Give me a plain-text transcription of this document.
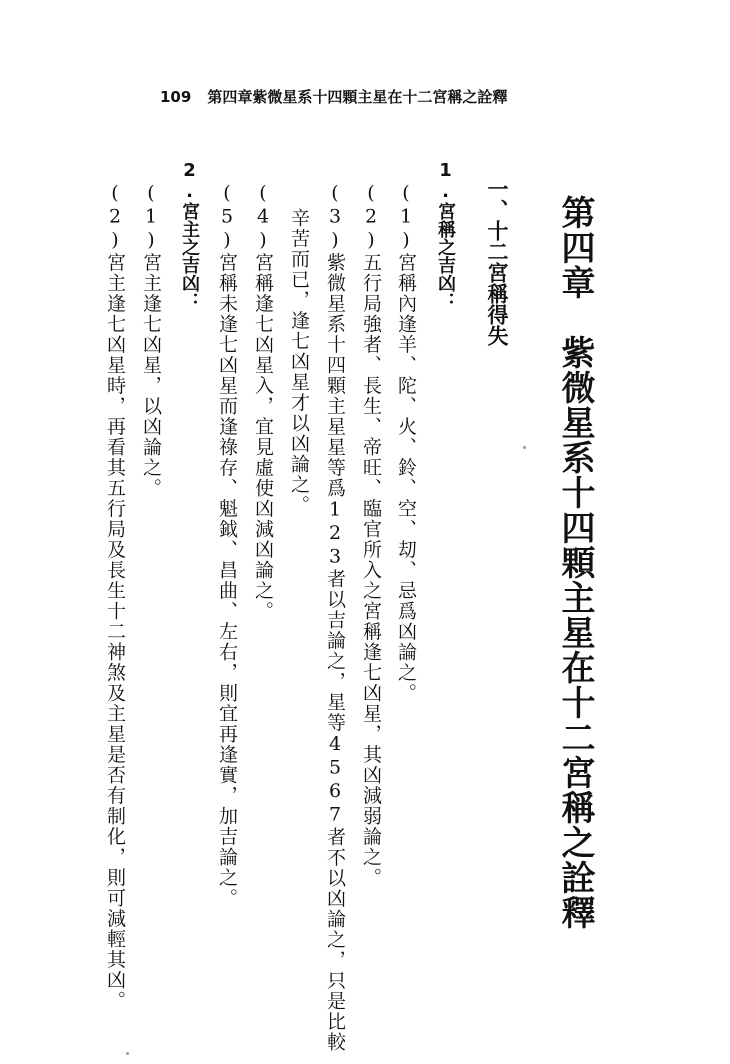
109 第四章紫微星系十四顆主星在十二宮稱之詮釋
第四章　紫微星系十四顆主星在十二宮稱之詮釋
一、十二宮稱得失
1.宮稱之吉凶：
(1)宮稱內逢羊、陀、火、鈴、空、刧、忌爲凶論之。
(2)五行局強者、長生、帝旺、臨官所入之宮稱逢七凶星，其凶減弱論之。
(3)紫微星系十四顆主星星等爲123者以吉論之，星等4567者不以凶論之，只是比較
辛苦而已，逢七凶星才以凶論之。
(4)宮稱逢七凶星入，宜見虛使凶減凶論之。
(5)宮稱未逢七凶星而逢祿存、魁鉞、昌曲、左右，則宜再逢實，加吉論之。
2.宮主之吉凶：
(1)宮主逢七凶星，以凶論之。
(2)宮主逢七凶星時，再看其五行局及長生十二神煞及主星是否有制化，則可減輕其凶。
